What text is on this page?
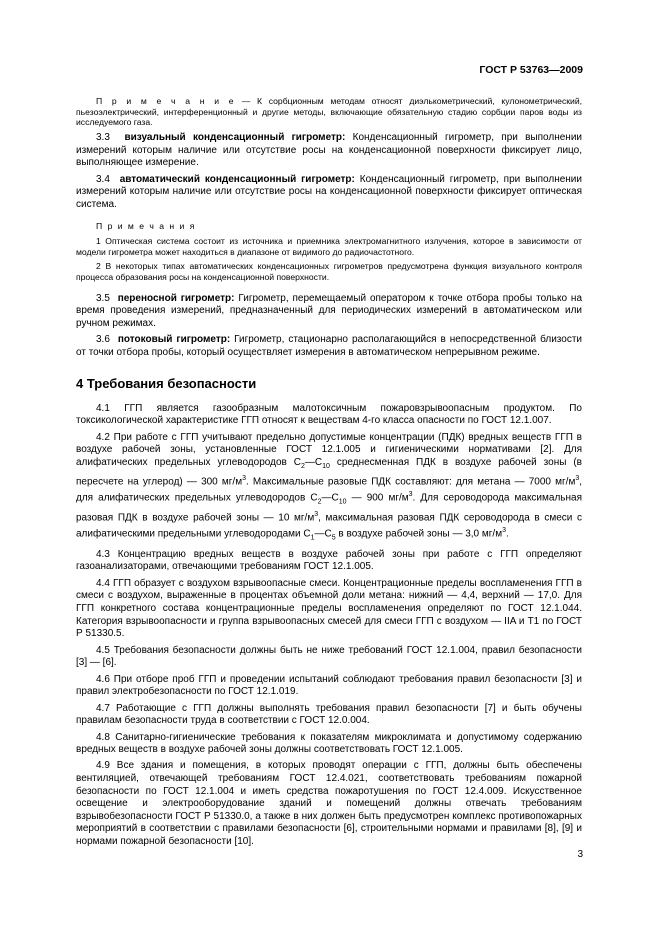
ГОСТ Р 53763—2009

П р и м е ч а н и е — К сорбционным методам относят диэлькометрический, кулонометрический, пьезоэлектрический, интерференционный и другие методы, включающие обязательную стадию сорбции паров воды из исследуемого газа.

3.3 визуальный конденсационный гигрометр: Конденсационный гигрометр, при выполнении измерений которым наличие или отсутствие росы на конденсационной поверхности фиксирует лицо, выполняющее измерение.

3.4 автоматический конденсационный гигрометр: Конденсационный гигрометр, при выполнении измерений которым наличие или отсутствие росы на конденсационной поверхности фиксирует оптическая система.

П р и м е ч а н и я

1 Оптическая система состоит из источника и приемника электромагнитного излучения, которое в зависимости от модели гигрометра может находиться в диапазоне от видимого до радиочастотного.

2 В некоторых типах автоматических конденсационных гигрометров предусмотрена функция визуального контроля процесса образования росы на конденсационной поверхности.

3.5 переносной гигрометр: Гигрометр, перемещаемый оператором к точке отбора пробы только на время проведения измерений, предназначенный для периодических измерений в автоматическом или ручном режимах.

3.6 потоковый гигрометр: Гигрометр, стационарно располагающийся в непосредственной близости от точки отбора пробы, который осуществляет измерения в автоматическом непрерывном режиме.

4 Требования безопасности

4.1 ГГП является газообразным малотоксичным пожаровзрывоопасным продуктом. По токсикологической характеристике ГГП относят к веществам 4-го класса опасности по ГОСТ 12.1.007.

4.2 При работе с ГГП учитывают предельно допустимые концентрации (ПДК) вредных веществ ГГП в воздухе рабочей зоны, установленные ГОСТ 12.1.005 и гигиеническими нормативами [2]. Для алифатических предельных углеводородов $С_2—С_{10}$ среднесменная ПДК в воздухе рабочей зоны (в пересчете на углерод) — 300 $мг/м^3$. Максимальные разовые ПДК составляют: для метана — 7000 $мг/м^3$, для алифатических предельных углеводородов $С_2—С_{10}$ — 900 $мг/м^3$. Для сероводорода максимальная разовая ПДК в воздухе рабочей зоны — 10 $мг/м^3$, максимальная разовая ПДК сероводорода в смеси с алифатическими предельными углеводородами $С_1—С_5$ в воздухе рабочей зоны — 3,0 $мг/м^3$.

4.3 Концентрацию вредных веществ в воздухе рабочей зоны при работе с ГГП определяют газоанализаторами, отвечающими требованиям ГОСТ 12.1.005.

4.4 ГГП образует с воздухом взрывоопасные смеси. Концентрационные пределы воспламенения ГГП в смеси с воздухом, выраженные в процентах объемной доли метана: нижний — 4,4, верхний — 17,0. Для ГГП конкретного состава концентрационные пределы воспламенения определяют по ГОСТ 12.1.044. Категория взрывоопасности и группа взрывоопасных смесей для смеси ГГП с воздухом — IIA и Т1 по ГОСТ Р 51330.5.

4.5 Требования безопасности должны быть не ниже требований ГОСТ 12.1.004, правил безопасности [3] — [6].

4.6 При отборе проб ГГП и проведении испытаний соблюдают требования правил безопасности [3] и правил электробезопасности по ГОСТ 12.1.019.

4.7 Работающие с ГГП должны выполнять требования правил безопасности [7] и быть обучены правилам безопасности труда в соответствии с ГОСТ 12.0.004.

4.8 Санитарно-гигиенические требования к показателям микроклимата и допустимому содержанию вредных веществ в воздухе рабочей зоны должны соответствовать ГОСТ 12.1.005.

4.9 Все здания и помещения, в которых проводят операции с ГГП, должны быть обеспечены вентиляцией, отвечающей требованиям ГОСТ 12.4.021, соответствовать требованиям пожарной безопасности по ГОСТ 12.1.004 и иметь средства пожаротушения по ГОСТ 12.4.009. Искусственное освещение и электрооборудование зданий и помещений должны отвечать требованиям взрывобезопасности ГОСТ Р 51330.0, а также в них должен быть предусмотрен комплекс противопожарных мероприятий в соответствии с правилами безопасности [6], строительными нормами и правилами [8], [9] и нормами пожарной безопасности [10].

3
